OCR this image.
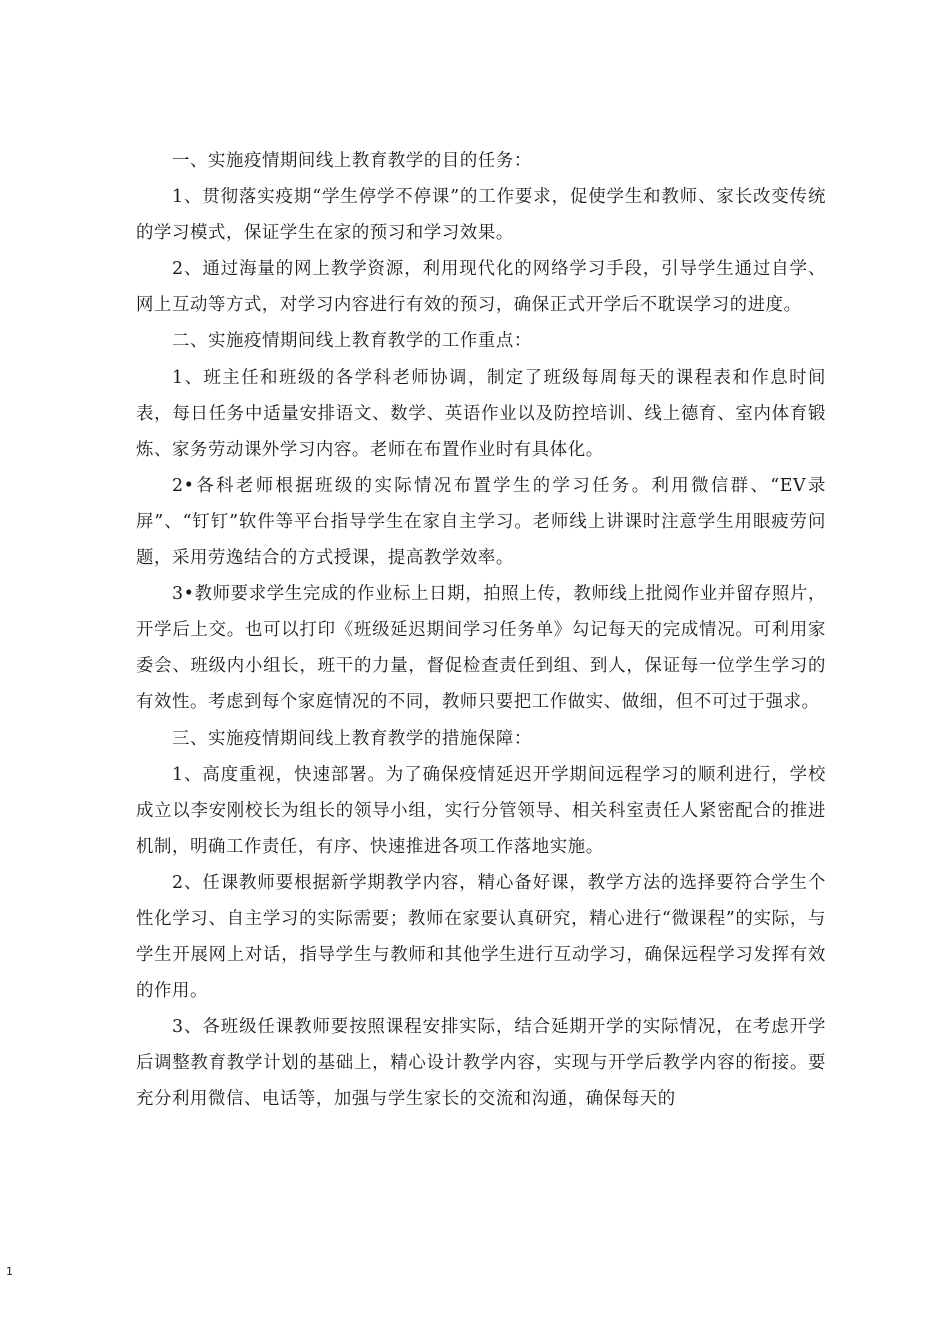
一、实施疫情期间线上教育教学的目的任务：

1、贯彻落实疫期“学生停学不停课”的工作要求，促使学生和教师、家长改变传统的学习模式，保证学生在家的预习和学习效果。

2、通过海量的网上教学资源，利用现代化的网络学习手段，引导学生通过自学、网上互动等方式，对学习内容进行有效的预习，确保正式开学后不耽误学习的进度。

二、实施疫情期间线上教育教学的工作重点：

1、班主任和班级的各学科老师协调，制定了班级每周每天的课程表和作息时间表，每日任务中适量安排语文、数学、英语作业以及防控培训、线上德育、室内体育锻炼、家务劳动课外学习内容。老师在布置作业时有具体化。

2•各科老师根据班级的实际情况布置学生的学习任务。利用微信群、“EV录屏”、“钉钉”软件等平台指导学生在家自主学习。老师线上讲课时注意学生用眼疲劳问题，采用劳逸结合的方式授课，提高教学效率。

3•教师要求学生完成的作业标上日期，拍照上传，教师线上批阅作业并留存照片，开学后上交。也可以打印《班级延迟期间学习任务单》勾记每天的完成情况。可利用家委会、班级内小组长，班干的力量，督促检查责任到组、到人，保证每一位学生学习的有效性。考虑到每个家庭情况的不同，教师只要把工作做实、做细，但不可过于强求。

三、实施疫情期间线上教育教学的措施保障：

1、高度重视，快速部署。为了确保疫情延迟开学期间远程学习的顺利进行，学校成立以李安刚校长为组长的领导小组，实行分管领导、相关科室责任人紧密配合的推进机制，明确工作责任，有序、快速推进各项工作落地实施。

2、任课教师要根据新学期教学内容，精心备好课，教学方法的选择要符合学生个性化学习、自主学习的实际需要；教师在家要认真研究，精心进行“微课程”的实际，与学生开展网上对话，指导学生与教师和其他学生进行互动学习，确保远程学习发挥有效的作用。

3、各班级任课教师要按照课程安排实际，结合延期开学的实际情况，在考虑开学后调整教育教学计划的基础上，精心设计教学内容，实现与开学后教学内容的衔接。要充分利用微信、电话等，加强与学生家长的交流和沟通，确保每天的

1
